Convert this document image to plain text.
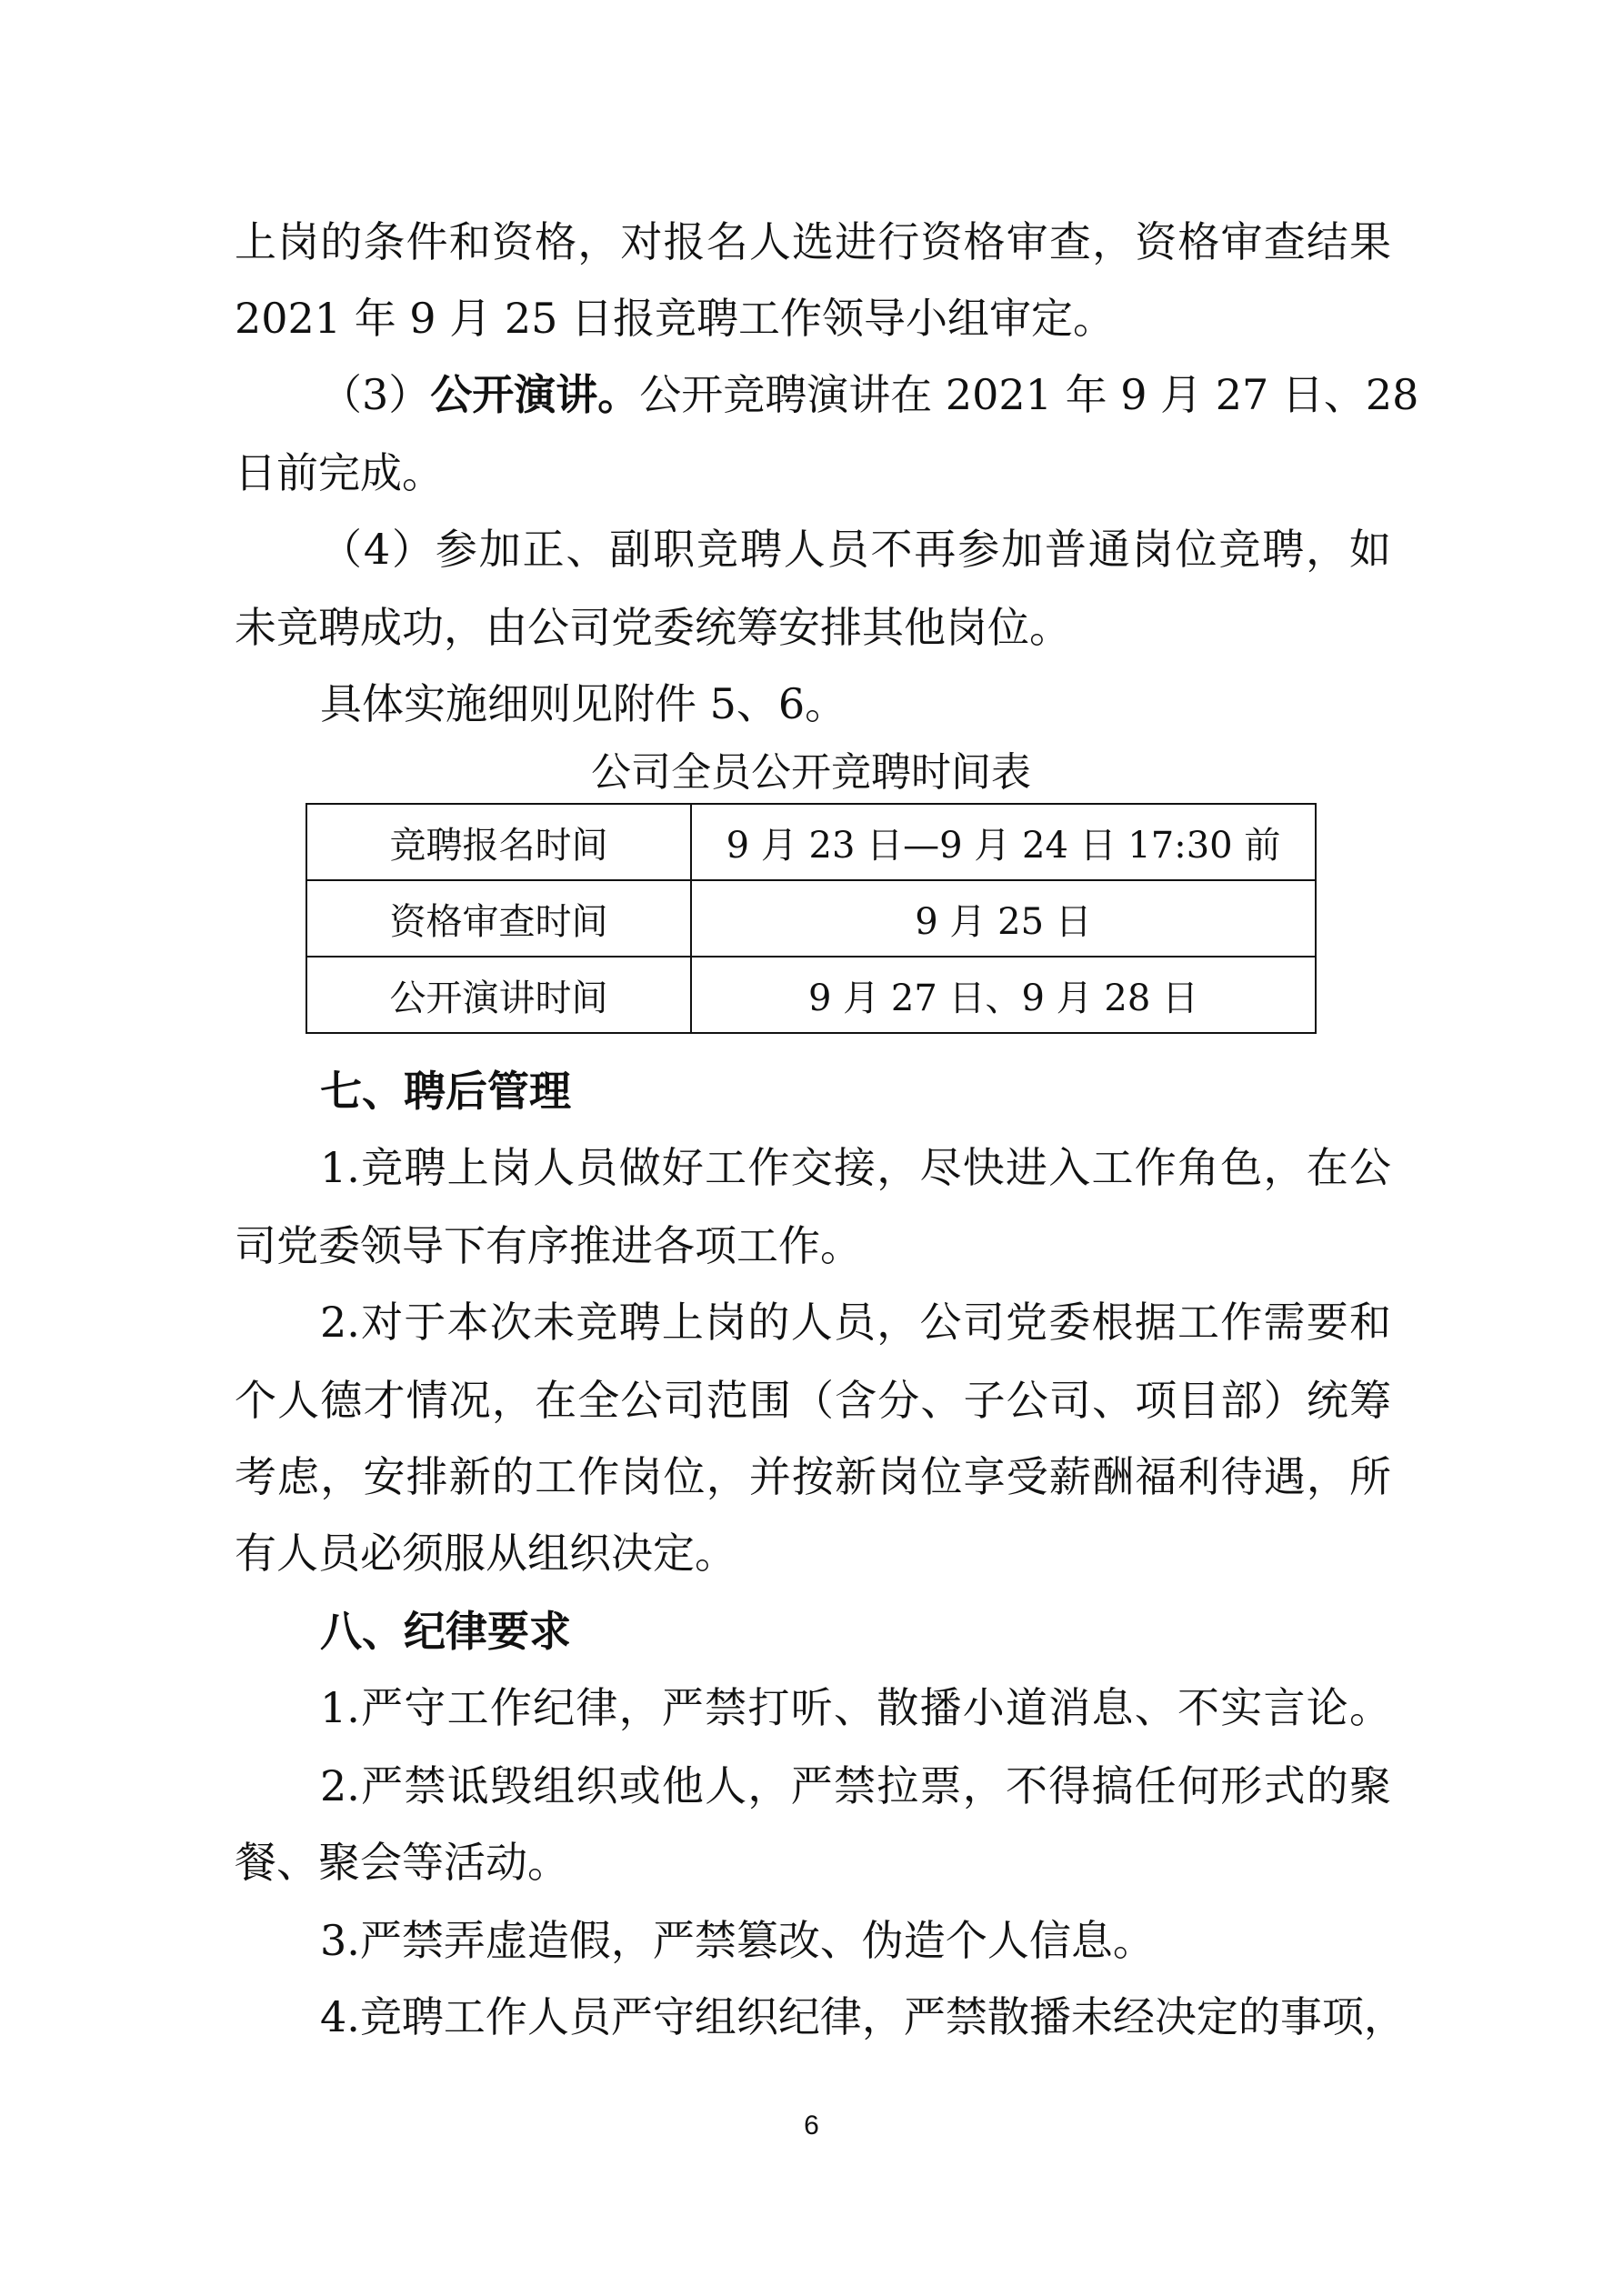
上岗的条件和资格，对报名人选进行资格审查，资格审查结果

2021 年 9 月 25 日报竞聘工作领导小组审定。

（3）公开演讲。公开竞聘演讲在 2021 年 9 月 27 日、28

日前完成。

（4）参加正、副职竞聘人员不再参加普通岗位竞聘，如

未竞聘成功，由公司党委统筹安排其他岗位。

具体实施细则见附件 5、6。

公司全员公开竞聘时间表

竞聘报名时间	9 月 23 日—9 月 24 日 17:30 前
资格审查时间	9 月 25 日
公开演讲时间	9 月 27 日、9 月 28 日

七、聘后管理

1.竞聘上岗人员做好工作交接，尽快进入工作角色，在公

司党委领导下有序推进各项工作。

2.对于本次未竞聘上岗的人员，公司党委根据工作需要和

个人德才情况，在全公司范围（含分、子公司、项目部）统筹

考虑，安排新的工作岗位，并按新岗位享受薪酬福利待遇，所

有人员必须服从组织决定。

八、纪律要求

1.严守工作纪律，严禁打听、散播小道消息、不实言论。

2.严禁诋毁组织或他人，严禁拉票，不得搞任何形式的聚

餐、聚会等活动。

3.严禁弄虚造假，严禁篡改、伪造个人信息。

4.竞聘工作人员严守组织纪律，严禁散播未经决定的事项，

6
